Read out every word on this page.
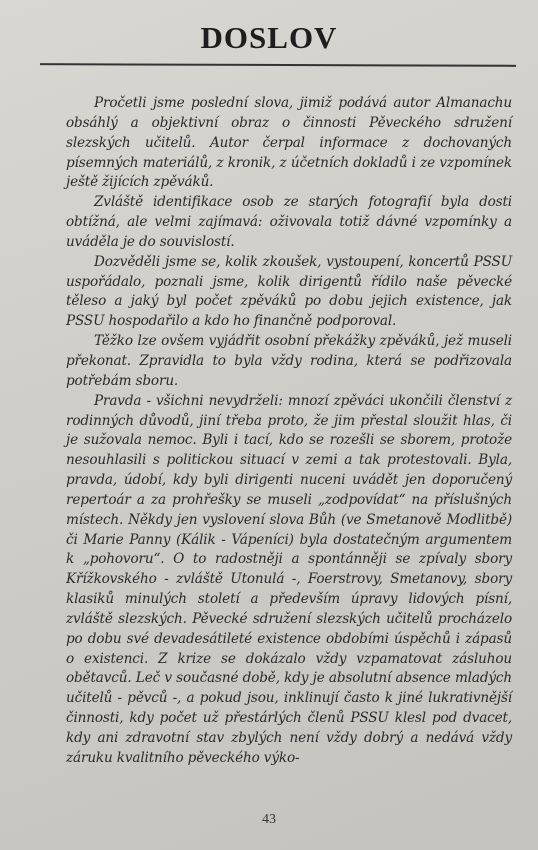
DOSLOV

Pročetli jsme poslední slova, jimiž podává autor Almanachu obsáhlý a objektivní obraz o činnosti Pěveckého sdružení slezských učitelů. Autor čerpal informace z dochovaných písemných materiálů, z kronik, z účetních dokladů i ze vzpomínek ještě žijících zpěváků.

Zvláště identifikace osob ze starých fotografií byla dosti obtížná, ale velmi zajímavá: oživovala totiž dávné vzpomínky a uváděla je do souvislostí.

Dozvěděli jsme se, kolik zkoušek, vystoupení, koncertů PSSU uspořádalo, poznali jsme, kolik dirigentů řídilo naše pěvecké těleso a jaký byl počet zpěváků po dobu jejich existence, jak PSSU hospodařilo a kdo ho finančně podporoval.

Těžko lze ovšem vyjádřit osobní překážky zpěváků, jež museli překonat. Zpravidla to byla vždy rodina, která se podřizovala potřebám sboru.

Pravda - všichni nevydrželi: mnozí zpěváci ukončili členství z rodinných důvodů, jiní třeba proto, že jim přestal sloužit hlas, či je sužovala nemoc. Byli i tací, kdo se rozešli se sborem, protože nesouhlasili s politickou situací v zemi a tak protestovali. Byla, pravda, údobí, kdy byli dirigenti nuceni uvádět jen doporučený repertoár a za prohřešky se museli „zodpovídat“ na příslušných místech. Někdy jen vyslovení slova Bůh (ve Smetanově Modlitbě) či Marie Panny (Kálik - Vápeníci) byla dostatečným argumentem k „pohovoru“. O to radostněji a spontánněji se zpívaly sbory Křížkovského - zvláště Utonulá -, Foerstrovy, Smetanovy, sbory klasiků minulých století a především úpravy lidových písní, zvláště slezských. Pěvecké sdružení slezských učitelů procházelo po dobu své devadesátileté existence obdobími úspěchů i zápasů o existenci. Z krize se dokázalo vždy vzpamatovat zásluhou obětavců. Leč v současné době, kdy je absolutní absence mladých učitelů - pěvců -, a pokud jsou, inklinují často k jiné lukrativnější činnosti, kdy počet už přestárlých členů PSSU klesl pod dvacet, kdy ani zdravotní stav zbylých není vždy dobrý a nedává vždy záruku kvalitního pěveckého výko-

43
